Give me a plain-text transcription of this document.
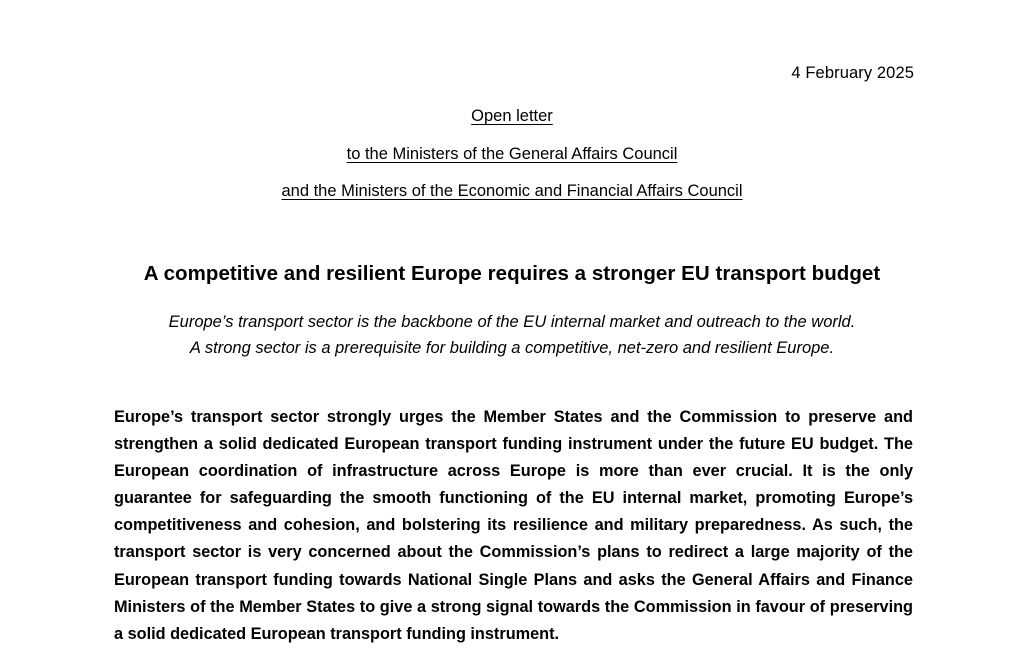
4 February 2025
Open letter
to the Ministers of the General Affairs Council
and the Ministers of the Economic and Financial Affairs Council
A competitive and resilient Europe requires a stronger EU transport budget
Europe’s transport sector is the backbone of the EU internal market and outreach to the world.
A strong sector is a prerequisite for building a competitive, net-zero and resilient Europe.
Europe’s transport sector strongly urges the Member States and the Commission to preserve and strengthen a solid dedicated European transport funding instrument under the future EU budget. The European coordination of infrastructure across Europe is more than ever crucial. It is the only guarantee for safeguarding the smooth functioning of the EU internal market, promoting Europe’s competitiveness and cohesion, and bolstering its resilience and military preparedness. As such, the transport sector is very concerned about the Commission’s plans to redirect a large majority of the European transport funding towards National Single Plans and asks the General Affairs and Finance Ministers of the Member States to give a strong signal towards the Commission in favour of preserving a solid dedicated European transport funding instrument.
